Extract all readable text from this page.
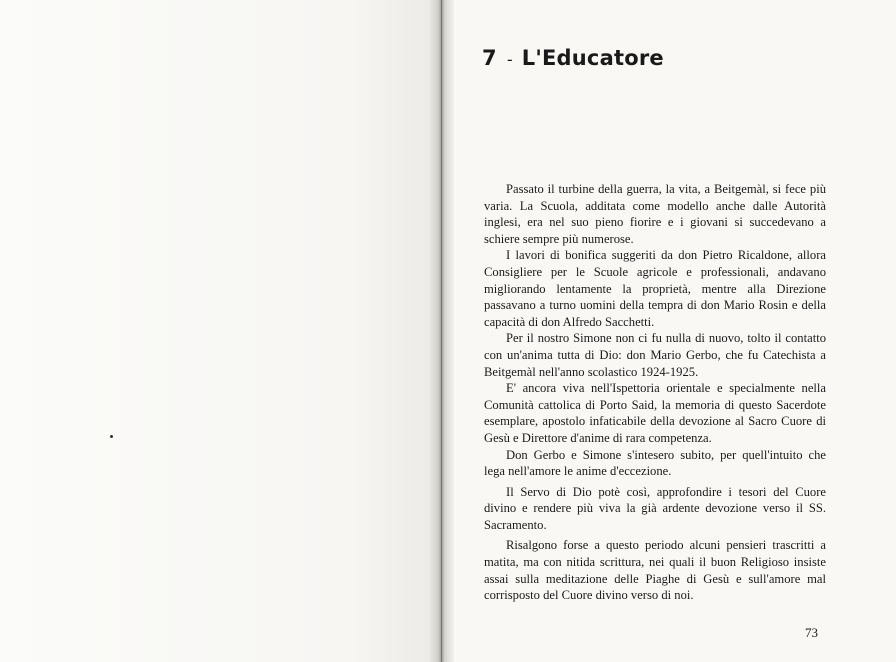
7 - L'Educatore

Passato il turbine della guerra, la vita, a Beitgemàl, si fece più varia. La Scuola, additata come modello anche dalle Autorità inglesi, era nel suo pieno fiorire e i giovani si succedevano a schiere sempre più numerose.

I lavori di bonifica suggeriti da don Pietro Ricaldone, allora Consigliere per le Scuole agricole e professionali, andavano migliorando lentamente la proprietà, mentre alla Direzione passavano a turno uomini della tempra di don Mario Rosin e della capacità di don Alfredo Sacchetti.

Per il nostro Simone non ci fu nulla di nuovo, tolto il contatto con un'anima tutta di Dio: don Mario Gerbo, che fu Catechista a Beitgemàl nell'anno scolastico 1924-1925.

E' ancora viva nell'Ispettoria orientale e specialmente nella Comunità cattolica di Porto Said, la memoria di questo Sacerdote esemplare, apostolo infaticabile della devozione al Sacro Cuore di Gesù e Direttore d'anime di rara competenza.

Don Gerbo e Simone s'intesero subito, per quell'intuito che lega nell'amore le anime d'eccezione.

Il Servo di Dio potè così, approfondire i tesori del Cuore divino e rendere più viva la già ardente devozione verso il SS. Sacramento.

Risalgono forse a questo periodo alcuni pensieri trascritti a matita, ma con nitida scrittura, nei quali il buon Religioso insiste assai sulla meditazione delle Piaghe di Gesù e sull'amore mal corrisposto del Cuore divino verso di noi.

73
